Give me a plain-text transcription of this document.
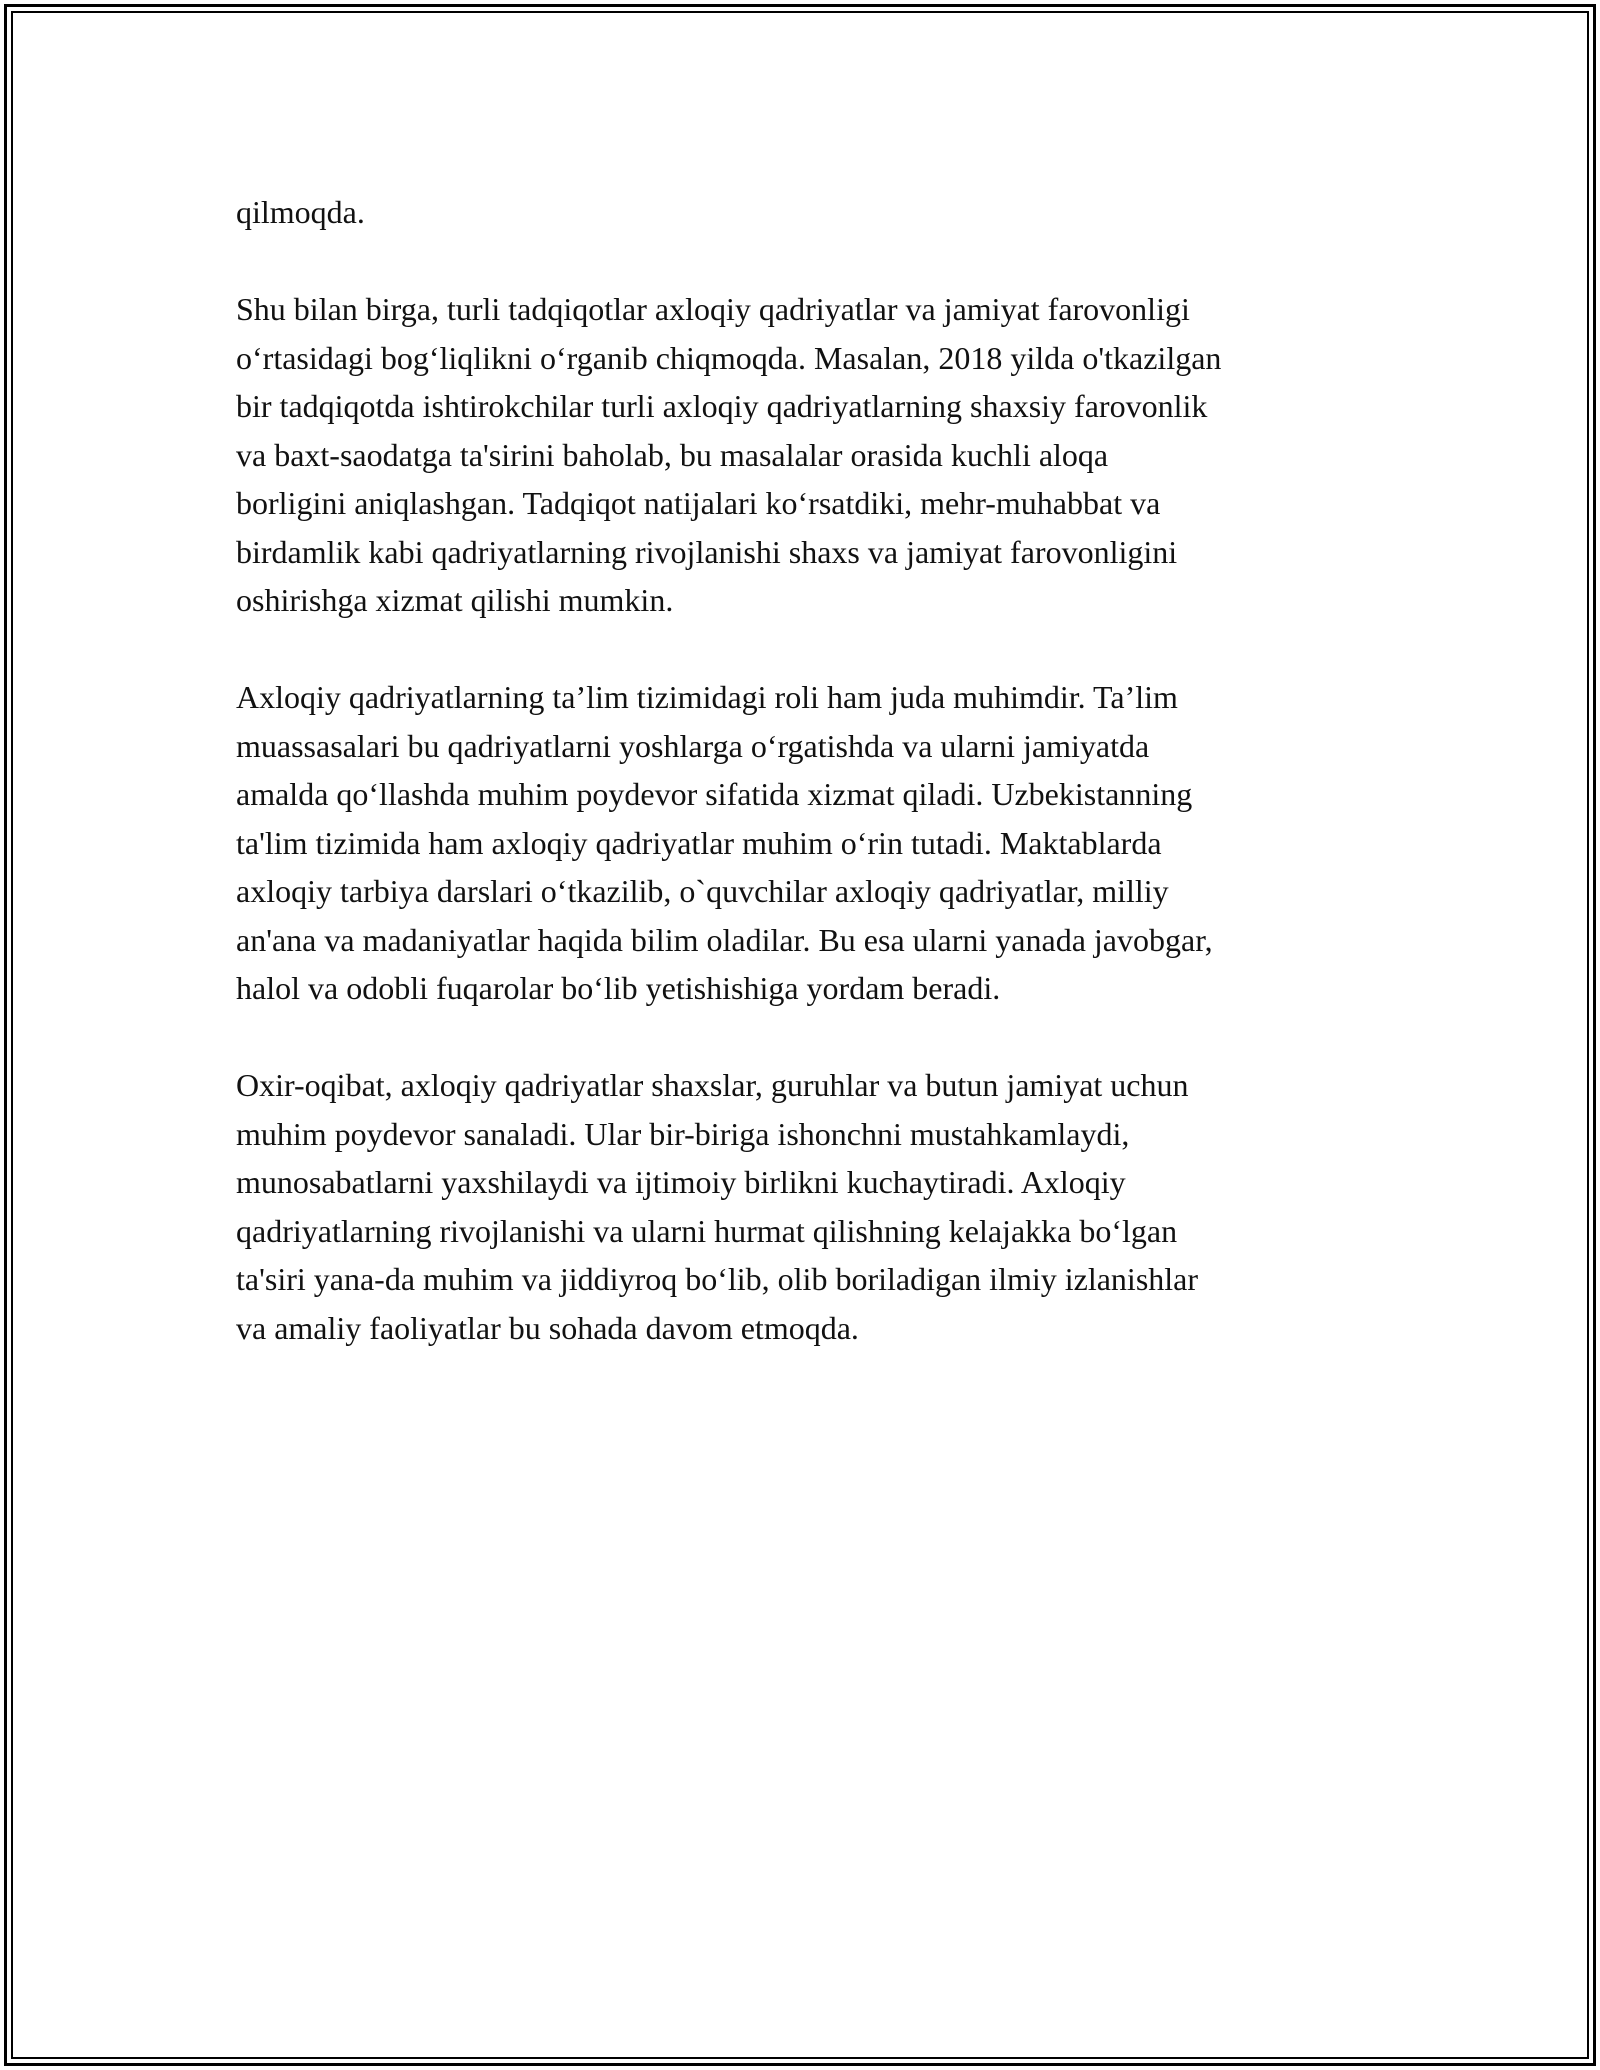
qilmoqda.

Shu bilan birga, turli tadqiqotlar axloqiy qadriyatlar va jamiyat farovonligi
o‘rtasidagi bog‘liqlikni o‘rganib chiqmoqda. Masalan, 2018 yilda o'tkazilgan
bir tadqiqotda ishtirokchilar turli axloqiy qadriyatlarning shaxsiy farovonlik
va baxt-saodatga ta'sirini baholab, bu masalalar orasida kuchli aloqa
borligini aniqlashgan. Tadqiqot natijalari ko‘rsatdiki, mehr-muhabbat va
birdamlik kabi qadriyatlarning rivojlanishi shaxs va jamiyat farovonligini
oshirishga xizmat qilishi mumkin.

Axloqiy qadriyatlarning ta’lim tizimidagi roli ham juda muhimdir. Ta’lim
muassasalari bu qadriyatlarni yoshlarga o‘rgatishda va ularni jamiyatda
amalda qo‘llashda muhim poydevor sifatida xizmat qiladi. Uzbekistanning
ta'lim tizimida ham axloqiy qadriyatlar muhim o‘rin tutadi. Maktablarda
axloqiy tarbiya darslari o‘tkazilib, o`quvchilar axloqiy qadriyatlar, milliy
an'ana va madaniyatlar haqida bilim oladilar. Bu esa ularni yanada javobgar,
halol va odobli fuqarolar bo‘lib yetishishiga yordam beradi.

Oxir-oqibat, axloqiy qadriyatlar shaxslar, guruhlar va butun jamiyat uchun
muhim poydevor sanaladi. Ular bir-biriga ishonchni mustahkamlaydi,
munosabatlarni yaxshilaydi va ijtimoiy birlikni kuchaytiradi. Axloqiy
qadriyatlarning rivojlanishi va ularni hurmat qilishning kelajakka bo‘lgan
ta'siri yana-da muhim va jiddiyroq bo‘lib, olib boriladigan ilmiy izlanishlar
va amaliy faoliyatlar bu sohada davom etmoqda.
